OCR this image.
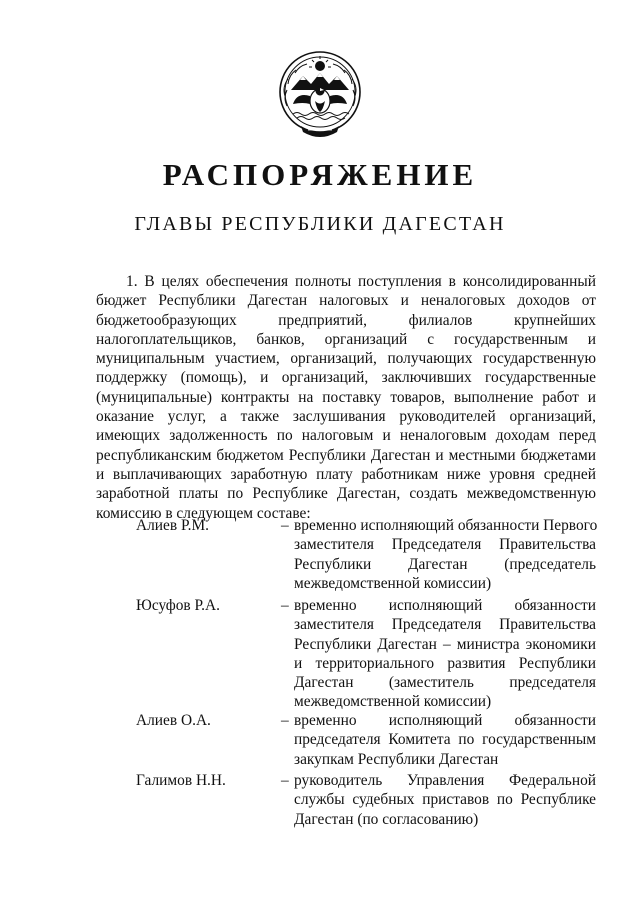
РАСПОРЯЖЕНИЕ
ГЛАВЫ РЕСПУБЛИКИ ДАГЕСТАН
1. В целях обеспечения полноты поступления в консолидированный бюджет Республики Дагестан налоговых и неналоговых доходов от бюджетообразующих предприятий, филиалов крупнейших налогоплательщиков, банков, организаций с государственным и муниципальным участием, организаций, получающих государственную поддержку (помощь), и организаций, заключивших государственные (муниципальные) контракты на поставку товаров, выполнение работ и оказание услуг, а также заслушивания руководителей организаций, имеющих задолженность по налоговым и неналоговым доходам перед республиканским бюджетом Республики Дагестан и местными бюджетами и выплачивающих заработную плату работникам ниже уровня средней заработной платы по Республике Дагестан, создать межведомственную комиссию в следующем составе:
Алиев Р.М.	– временно исполняющий обязанности Первого
заместителя Председателя Правительства
Республики Дагестан (председатель
межведомственной комиссии)
Юсуфов Р.А.	– временно исполняющий обязанности
заместителя Председателя Правительства
Республики Дагестан – министра экономики
и территориального развития Республики
Дагестан (заместитель председателя
межведомственной комиссии)
Алиев О.А.	– временно исполняющий обязанности
председателя Комитета по государственным
закупкам Республики Дагестан
Галимов Н.Н.	– руководитель Управления Федеральной
службы судебных приставов по Республике
Дагестан (по согласованию)
